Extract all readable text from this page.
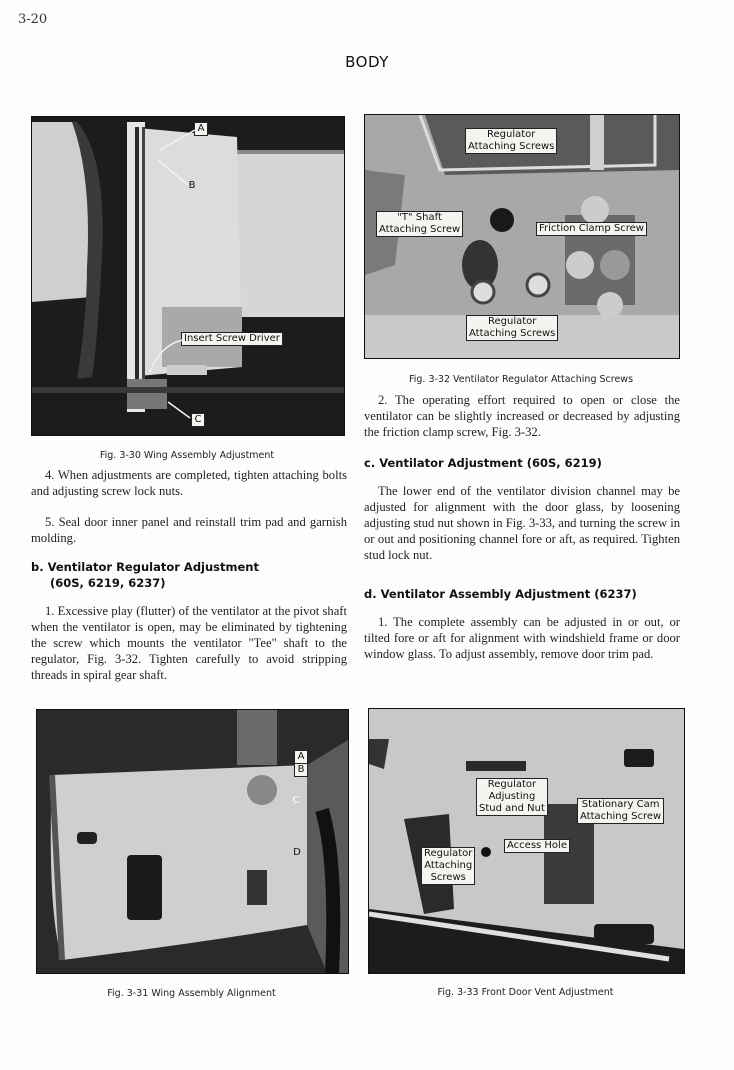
3-20
BODY
A
B
Insert Screw Driver
C
Fig. 3-30 Wing Assembly Adjustment
Regulator
Attaching Screws
"T" Shaft
Attaching Screw	Friction Clamp Screw
Regulator
Attaching Screws
Fig. 3-32 Ventilator Regulator Attaching Screws
2. The operating effort required to open or close the ventilator can be slightly increased or decreased by adjusting the friction clamp screw, Fig. 3-32.
c. Ventilator Adjustment (60S, 6219)
The lower end of the ventilator division channel may be adjusted for alignment with the door glass, by loosening adjusting stud nut shown in Fig. 3-33, and turning the screw in or out and positioning channel fore or aft, as required. Tighten stud lock nut.
d. Ventilator Assembly Adjustment (6237)
1. The complete assembly can be adjusted in or out, or tilted fore or aft for alignment with windshield frame or door window glass. To adjust assembly, remove door trim pad.
4. When adjustments are completed, tighten attaching bolts and adjusting screw lock nuts.
5. Seal door inner panel and reinstall trim pad and garnish molding.
b. Ventilator Regulator Adjustment
(60S, 6219, 6237)
1. Excessive play (flutter) of the ventilator at the pivot shaft when the ventilator is open, may be eliminated by tightening the screw which mounts the ventilator "Tee" shaft to the regulator, Fig. 3-32. Tighten carefully to avoid stripping threads in spiral gear shaft.
A
B
C
D
Fig. 3-31 Wing Assembly Alignment
Regulator
Adjusting
Stud and Nut	Stationary Cam
Attaching Screw
Access Hole
Regulator
Attaching
Screws
Fig. 3-33 Front Door Vent Adjustment
